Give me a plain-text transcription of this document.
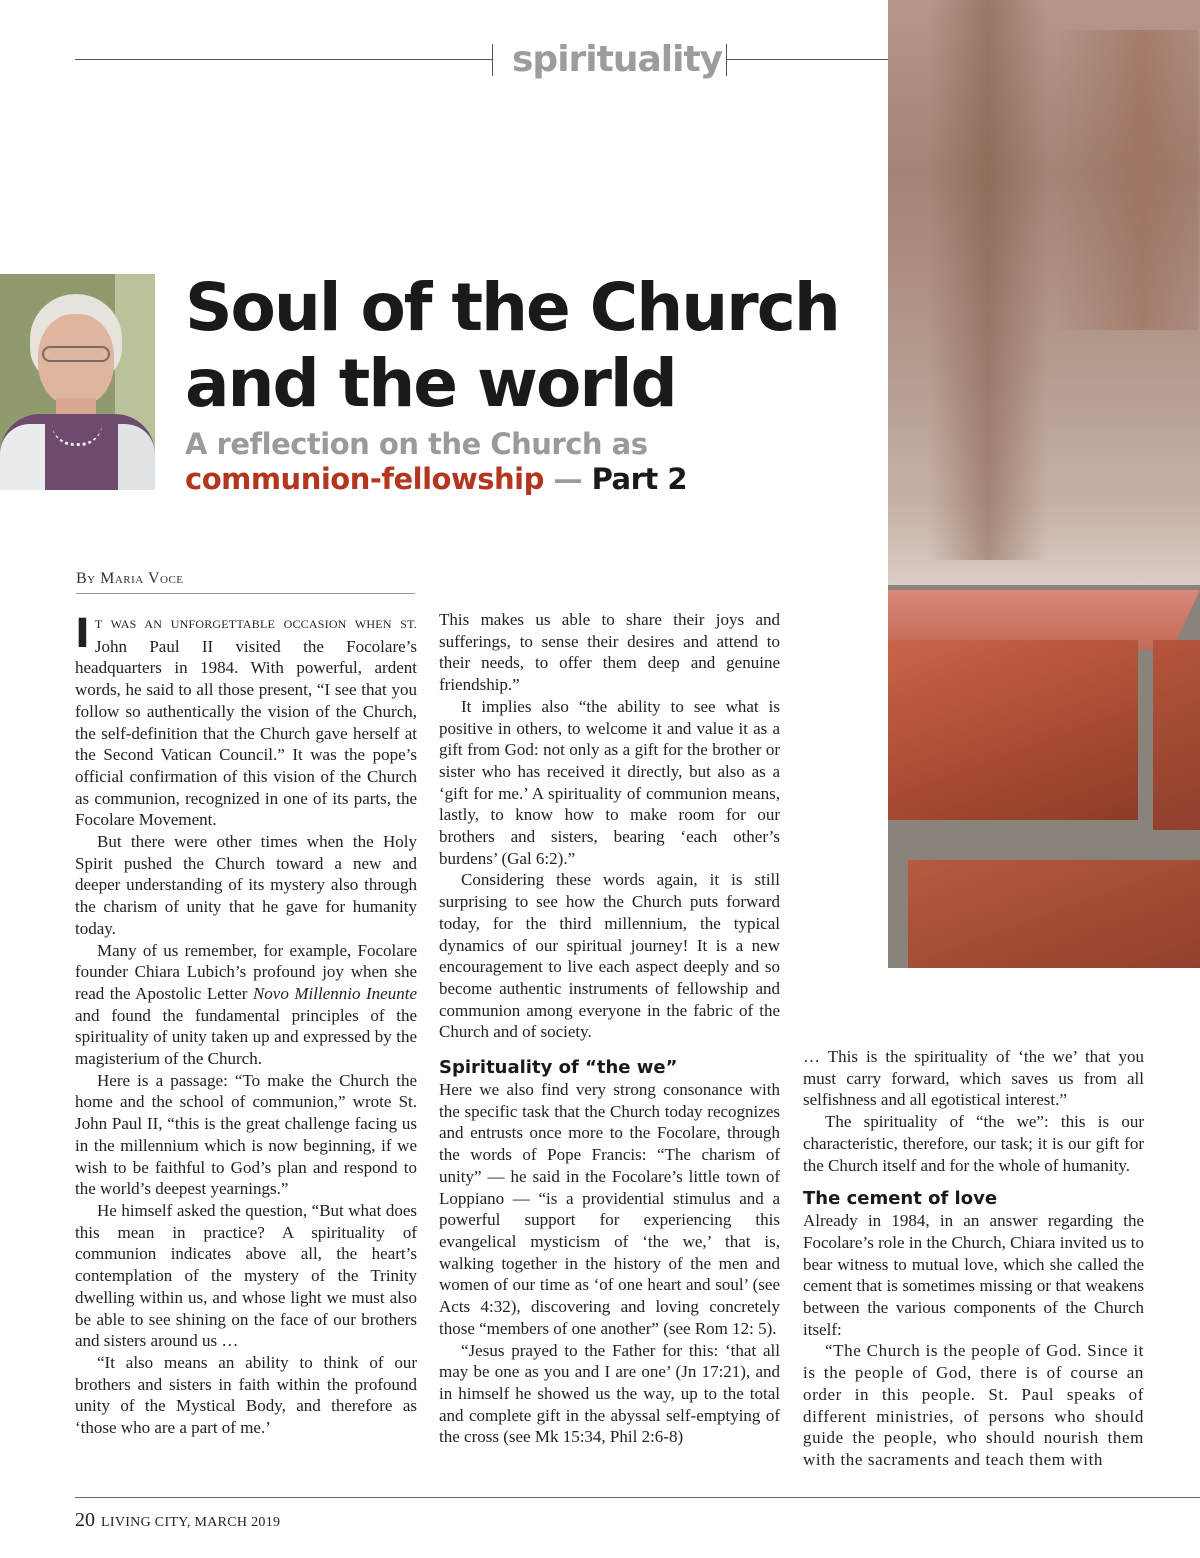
spirituality
Soul of the Church
and the world
A reflection on the Church as
communion-fellowship — Part 2
By Maria Voce

I T WAS AN UNFORGETTABLE OCCASION WHEN ST. John Paul II visited the Focolare’s headquarters in 1984. With powerful, ardent words, he said to all those present, “I see that you follow so authentically the vision of the Church, the self-definition that the Church gave herself at the Second Vatican Council.” It was the pope’s official confirmation of this vision of the Church as communion, recognized in one of its parts, the Focolare Movement.

But there were other times when the Holy Spirit pushed the Church toward a new and deeper understanding of its mystery also through the charism of unity that he gave for humanity today.

Many of us remember, for example, Focolare founder Chiara Lubich’s profound joy when she read the Apostolic Letter Novo Millennio Ineunte and found the fundamental principles of the spirituality of unity taken up and expressed by the magisterium of the Church.

Here is a passage: “To make the Church the home and the school of communion,” wrote St. John Paul II, “this is the great challenge facing us in the millennium which is now beginning, if we wish to be faithful to God’s plan and respond to the world’s deepest yearnings.”

He himself asked the question, “But what does this mean in practice? A spirituality of communion indicates above all, the heart’s contemplation of the mystery of the Trinity dwelling within us, and whose light we must also be able to see shining on the face of our brothers and sisters around us …

“It also means an ability to think of our brothers and sisters in faith within the profound unity of the Mystical Body, and therefore as ‘those who are a part of me.’

This makes us able to share their joys and sufferings, to sense their desires and attend to their needs, to offer them deep and genuine friendship.”

It implies also “the ability to see what is positive in others, to welcome it and value it as a gift from God: not only as a gift for the brother or sister who has received it directly, but also as a ‘gift for me.’ A spirituality of communion means, lastly, to know how to make room for our brothers and sisters, bearing ‘each other’s burdens’ (Gal 6:2).”

Considering these words again, it is still surprising to see how the Church puts forward today, for the third millennium, the typical dynamics of our spiritual journey! It is a new encouragement to live each aspect deeply and so become authentic instruments of fellowship and communion among everyone in the fabric of the Church and of society.

Spirituality of “the we”

Here we also find very strong consonance with the specific task that the Church today recognizes and entrusts once more to the Focolare, through the words of Pope Francis: “The charism of unity” — he said in the Focolare’s little town of Loppiano — “is a providential stimulus and a powerful support for experiencing this evangelical mysticism of ‘the we,’ that is, walking together in the history of the men and women of our time as ‘of one heart and soul’ (see Acts 4:32), discovering and loving concretely those “members of one another” (see Rom 12: 5).

“Jesus prayed to the Father for this: ‘that all may be one as you and I are one’ (Jn 17:21), and in himself he showed us the way, up to the total and complete gift in the abyssal self-emptying of the cross (see Mk 15:34, Phil 2:6-8)

… This is the spirituality of ‘the we’ that you must carry forward, which saves us from all selfishness and all egotistical interest.”

The spirituality of “the we”: this is our characteristic, therefore, our task; it is our gift for the Church itself and for the whole of humanity.

The cement of love

Already in 1984, in an answer regarding the Focolare’s role in the Church, Chiara invited us to bear witness to mutual love, which she called the cement that is sometimes missing or that weakens between the various components of the Church itself:

“The Church is the people of God. Since it is the people of God, there is of course an order in this people. St. Paul speaks of different ministries, of persons who should guide the people, who should nourish them with the sacraments and teach them with

20 LIVING CITY, MARCH 2019
